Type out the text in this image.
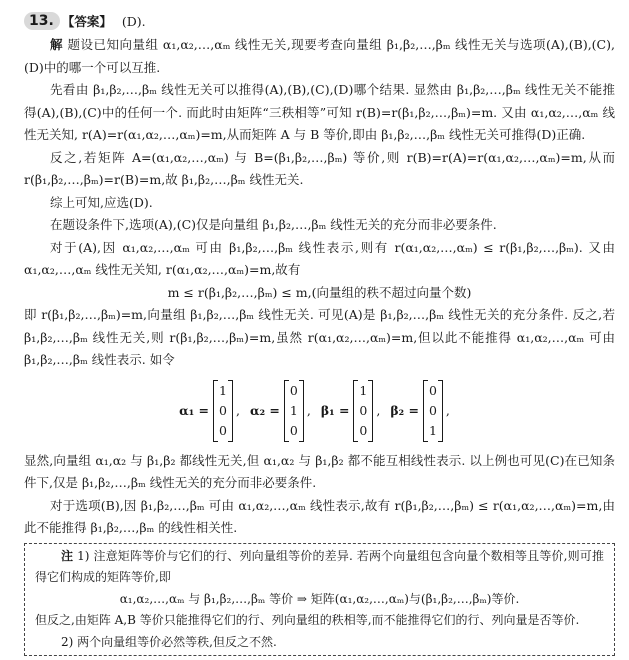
13. 【答案】 (D).

解 题设已知向量组 α₁,α₂,…,αₘ 线性无关,现要考查向量组 β₁,β₂,…,βₘ 线性无关与选项(A),(B),(C),(D)中的哪一个可以互推.

先看由 β₁,β₂,…,βₘ 线性无关可以推得(A),(B),(C),(D)哪个结果. 显然由 β₁,β₂,…,βₘ 线性无关不能推得(A),(B),(C)中的任何一个. 而此时由矩阵“三秩相等”可知 r(B)=r(β₁,β₂,…,βₘ)=m. 又由 α₁,α₂,…,αₘ 线性无关知, r(A)=r(α₁,α₂,…,αₘ)=m,从而矩阵 A 与 B 等价,即由 β₁,β₂,…,βₘ 线性无关可推得(D)正确.

反之,若矩阵 A=(α₁,α₂,…,αₘ) 与 B=(β₁,β₂,…,βₘ) 等价,则 r(B)=r(A)=r(α₁,α₂,…,αₘ)=m,从而 r(β₁,β₂,…,βₘ)=r(B)=m,故 β₁,β₂,…,βₘ 线性无关.

综上可知,应选(D).

在题设条件下,选项(A),(C)仅是向量组 β₁,β₂,…,βₘ 线性无关的充分而非必要条件.

对于(A),因 α₁,α₂,…,αₘ 可由 β₁,β₂,…,βₘ 线性表示,则有 r(α₁,α₂,…,αₘ) ≤ r(β₁,β₂,…,βₘ). 又由 α₁,α₂,…,αₘ 线性无关知, r(α₁,α₂,…,αₘ)=m,故有

m ≤ r(β₁,β₂,…,βₘ) ≤ m,(向量组的秩不超过向量个数)

即 r(β₁,β₂,…,βₘ)=m,向量组 β₁,β₂,…,βₘ 线性无关. 可见(A)是 β₁,β₂,…,βₘ 线性无关的充分条件. 反之,若 β₁,β₂,…,βₘ 线性无关,则 r(β₁,β₂,…,βₘ)=m,虽然 r(α₁,α₂,…,αₘ)=m,但以此不能推得 α₁,α₂,…,αₘ 可由 β₁,β₂,…,βₘ 线性表示. 如令

α₁ =
1
0
0
, α₂ =
0
1
0
, β₁ =
1
0
0
, β₂ =
0
0
1
,

显然,向量组 α₁,α₂ 与 β₁,β₂ 都线性无关,但 α₁,α₂ 与 β₁,β₂ 都不能互相线性表示. 以上例也可见(C)在已知条件下,仅是 β₁,β₂,…,βₘ 线性无关的充分而非必要条件.

对于选项(B),因 β₁,β₂,…,βₘ 可由 α₁,α₂,…,αₘ 线性表示,故有 r(β₁,β₂,…,βₘ) ≤ r(α₁,α₂,…,αₘ)=m,由此不能推得 β₁,β₂,…,βₘ 的线性相关性.

注 1) 注意矩阵等价与它们的行、列向量组等价的差异. 若两个向量组包含向量个数相等且等价,则可推得它们构成的矩阵等价,即

α₁,α₂,…,αₘ 与 β₁,β₂,…,βₘ 等价 ⇒ 矩阵(α₁,α₂,…,αₘ)与(β₁,β₂,…,βₘ)等价.

但反之,由矩阵 A,B 等价只能推得它们的行、列向量组的秩相等,而不能推得它们的行、列向量是否等价.

2) 两个向量组等价必然等秩,但反之不然.
